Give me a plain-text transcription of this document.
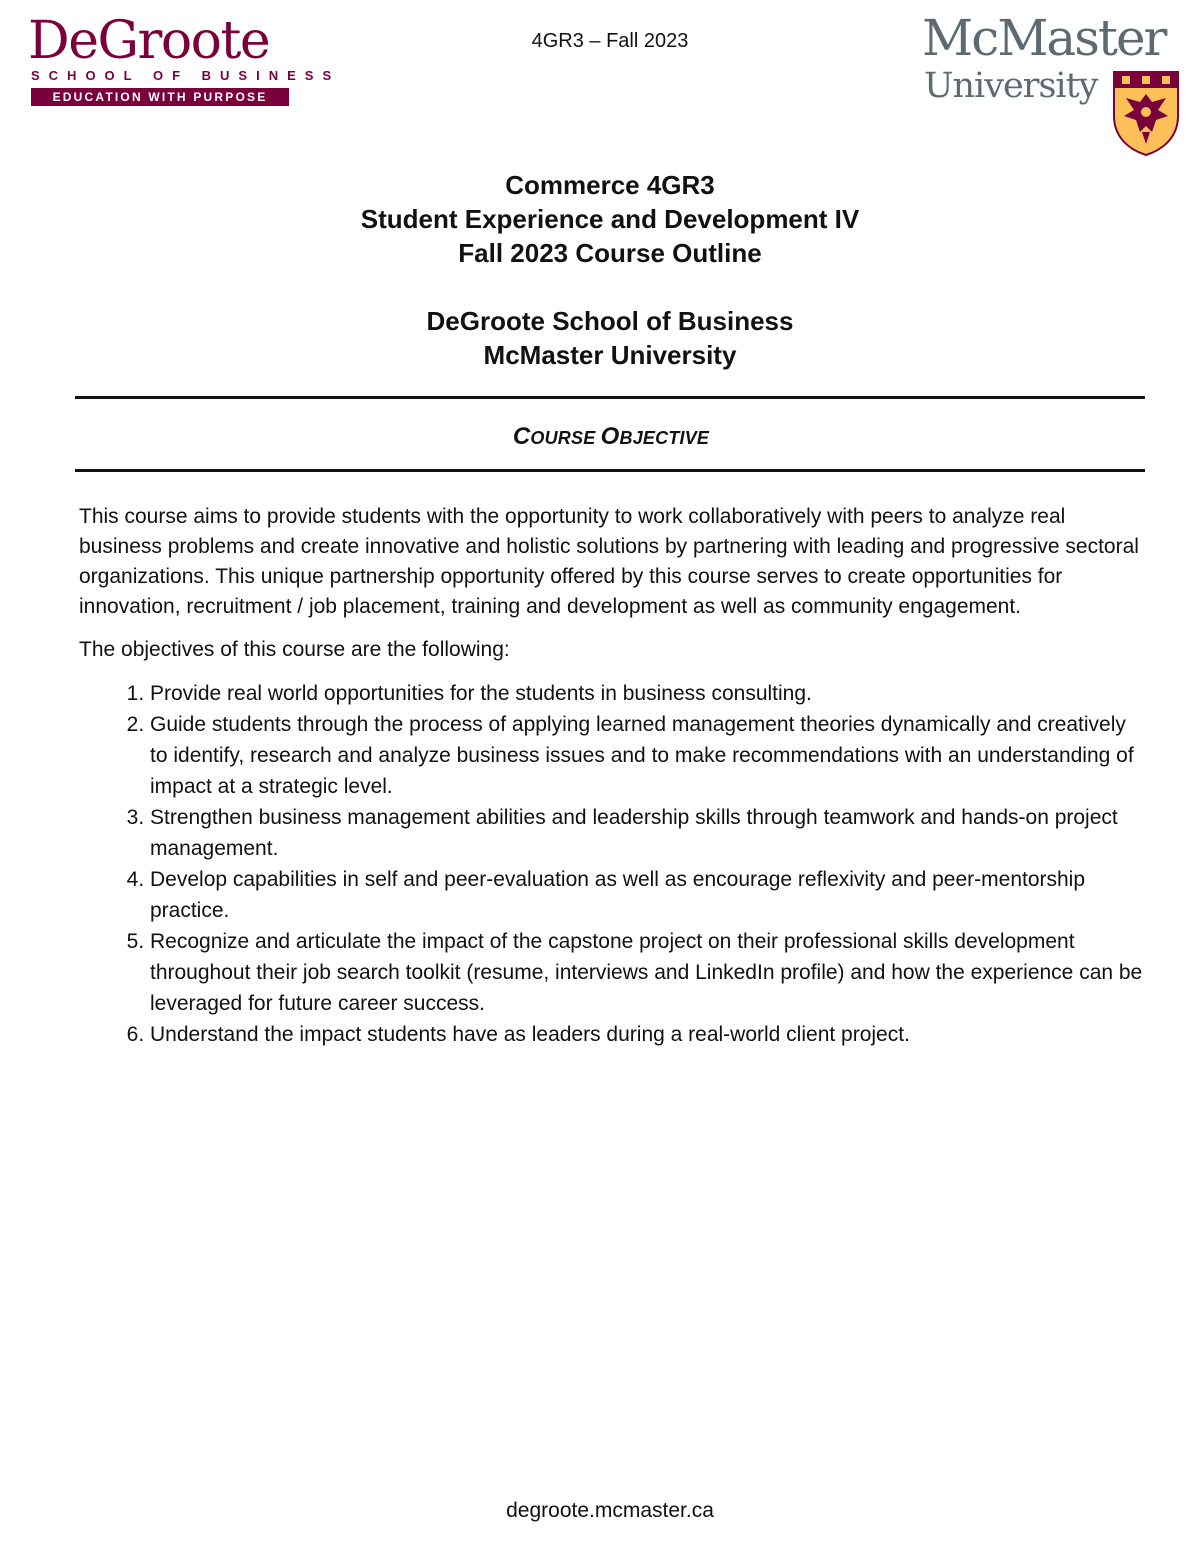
DeGroote
SCHOOL OF BUSINESS
EDUCATION WITH PURPOSE
4GR3 – Fall 2023	McMaster
University
Commerce 4GR3
Student Experience and Development IV
Fall 2023 Course Outline
DeGroote School of Business
McMaster University
COURSE OBJECTIVE

This course aims to provide students with the opportunity to work collaboratively with peers to analyze real business problems and create innovative and holistic solutions by partnering with leading and progressive sectoral organizations. This unique partnership opportunity offered by this course serves to create opportunities for innovation, recruitment / job placement, training and development as well as community engagement.

The objectives of this course are the following:

1. Provide real world opportunities for the students in business consulting.
2. Guide students through the process of applying learned management theories dynamically and creatively to identify, research and analyze business issues and to make recommendations with an understanding of impact at a strategic level.
3. Strengthen business management abilities and leadership skills through teamwork and hands-on project management.
4. Develop capabilities in self and peer-evaluation as well as encourage reflexivity and peer-mentorship practice.
5. Recognize and articulate the impact of the capstone project on their professional skills development throughout their job search toolkit (resume, interviews and LinkedIn profile) and how the experience can be leveraged for future career success.
6. Understand the impact students have as leaders during a real-world client project.
degroote.mcmaster.ca
